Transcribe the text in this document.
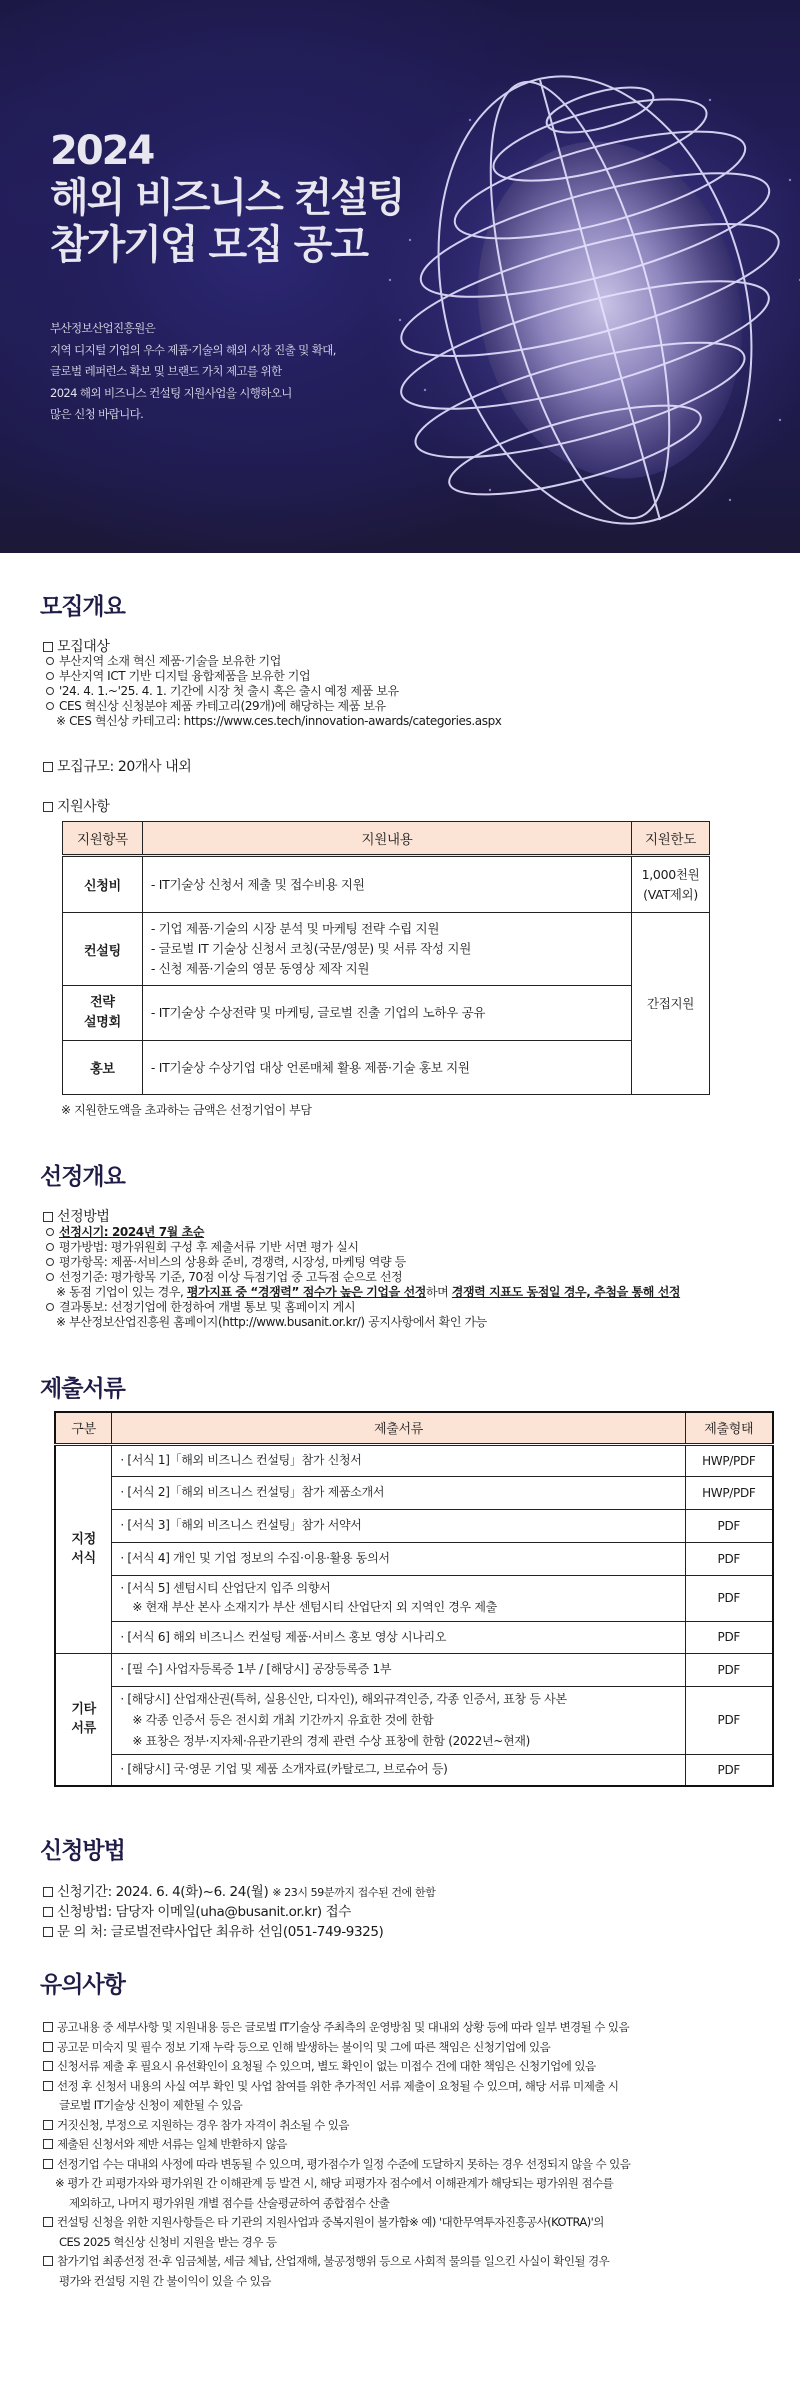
2024
해외 비즈니스 컨설팅
참가기업 모집 공고
부산정보산업진흥원은
지역 디지털 기업의 우수 제품·기술의 해외 시장 진출 및 확대,
글로벌 레퍼런스 확보 및 브랜드 가치 제고를 위한
2024 해외 비즈니스 컨설팅 지원사업을 시행하오니
많은 신청 바랍니다.
모집개요
모집대상
부산지역 소재 혁신 제품·기술을 보유한 기업
부산지역 ICT 기반 디지털 융합제품을 보유한 기업
'24. 4. 1.~'25. 4. 1. 기간에 시장 첫 출시 혹은 출시 예정 제품 보유
CES 혁신상 신청분야 제품 카테고리(29개)에 해당하는 제품 보유
※ CES 혁신상 카테고리: https://www.ces.tech/innovation-awards/categories.aspx
모집규모: 20개사 내외
지원사항
지원항목	지원내용	지원한도
신청비	- IT기술상 신청서 제출 및 접수비용 지원	1,000천원
(VAT제외)

컨설팅	- 기업 제품·기술의 시장 분석 및 마케팅 전략 수립 지원
- 글로벌 IT 기술상 신청서 코칭(국문/영문) 및 서류 작성 지원
- 신청 제품·기술의 영문 동영상 제작 지원	간접지원

전략
설명회	- IT기술상 수상전략 및 마케팅, 글로벌 진출 기업의 노하우 공유	
홍보	- IT기술상 수상기업 대상 언론매체 활용 제품·기술 홍보 지원	
※ 지원한도액을 초과하는 금액은 선정기업이 부담
선정개요
선정방법
선정시기: 2024년 7월 초순
평가방법: 평가위원회 구성 후 제출서류 기반 서면 평가 실시
평가항목: 제품·서비스의 상용화 준비, 경쟁력, 시장성, 마케팅 역량 등
선정기준: 평가항목 기준, 70점 이상 득점기업 중 고득점 순으로 선정
※ 동점 기업이 있는 경우, 평가지표 중 “경쟁력” 점수가 높은 기업을 선정하며 경쟁력 지표도 동점일 경우, 추첨을 통해 선정
결과통보: 선정기업에 한정하여 개별 통보 및 홈페이지 게시
※ 부산정보산업진흥원 홈페이지(http://www.busanit.or.kr/) 공지사항에서 확인 가능
제출서류
구분	제출서류	제출형태

지정
서식	· [서식 1]「해외 비즈니스 컨설팅」참가 신청서	HWP/PDF
	· [서식 2]「해외 비즈니스 컨설팅」참가 제품소개서	HWP/PDF
	· [서식 3]「해외 비즈니스 컨설팅」참가 서약서	PDF
	· [서식 4] 개인 및 기업 정보의 수집·이용·활용 동의서	PDF

	· [서식 5] 센텀시티 산업단지 입주 의향서
※ 현재 부산 본사 소재지가 부산 센텀시티 산업단지 외 지역인 경우 제출	PDF
	· [서식 6] 해외 비즈니스 컨설팅 제품·서비스 홍보 영상 시나리오	PDF

기타
서류	· [필 수] 사업자등록증 1부 / [해당시] 공장등록증 1부	PDF

	· [해당시] 산업재산권(특허, 실용신안, 디자인), 해외규격인증, 각종 인증서, 표창 등 사본
※ 각종 인증서 등은 전시회 개최 기간까지 유효한 것에 한함
※ 표창은 정부·지자체·유관기관의 경제 관련 수상 표창에 한함 (2022년~현재)	PDF
	· [해당시] 국·영문 기업 및 제품 소개자료(카탈로그, 브로슈어 등)	PDF
신청방법
신청기간: 2024. 6. 4(화)~6. 24(월) ※ 23시 59분까지 접수된 건에 한함
신청방법: 담당자 이메일(uha@busanit.or.kr) 접수
문 의 처: 글로벌전략사업단 최유하 선임(051-749-9325)
유의사항
공고내용 중 세부사항 및 지원내용 등은 글로벌 IT기술상 주최측의 운영방침 및 대내외 상황 등에 따라 일부 변경될 수 있음
공고문 미숙지 및 필수 정보 기재 누락 등으로 인해 발생하는 불이익 및 그에 따른 책임은 신청기업에 있음
신청서류 제출 후 필요시 유선확인이 요청될 수 있으며, 별도 확인이 없는 미접수 건에 대한 책임은 신청기업에 있음
선정 후 신청서 내용의 사실 여부 확인 및 사업 참여를 위한 추가적인 서류 제출이 요청될 수 있으며, 해당 서류 미제출 시
글로벌 IT기술상 신청이 제한될 수 있음
거짓신청, 부정으로 지원하는 경우 참가 자격이 취소될 수 있음
제출된 신청서와 제반 서류는 일체 반환하지 않음
선정기업 수는 대내외 사정에 따라 변동될 수 있으며, 평가점수가 일정 수준에 도달하지 못하는 경우 선정되지 않을 수 있음
※ 평가 간 피평가자와 평가위원 간 이해관계 등 발견 시, 해당 피평가자 점수에서 이해관계가 해당되는 평가위원 점수를
제외하고, 나머지 평가위원 개별 점수를 산술평균하여 종합점수 산출
컨설팅 신청을 위한 지원사항들은 타 기관의 지원사업과 중복지원이 불가함※ 예) '대한무역투자진흥공사(KOTRA)'의
CES 2025 혁신상 신청비 지원을 받는 경우 등
참가기업 최종선정 전·후 임금체불, 세금 체납, 산업재해, 불공정행위 등으로 사회적 물의를 일으킨 사실이 확인될 경우
평가와 컨설팅 지원 간 불이익이 있을 수 있음
